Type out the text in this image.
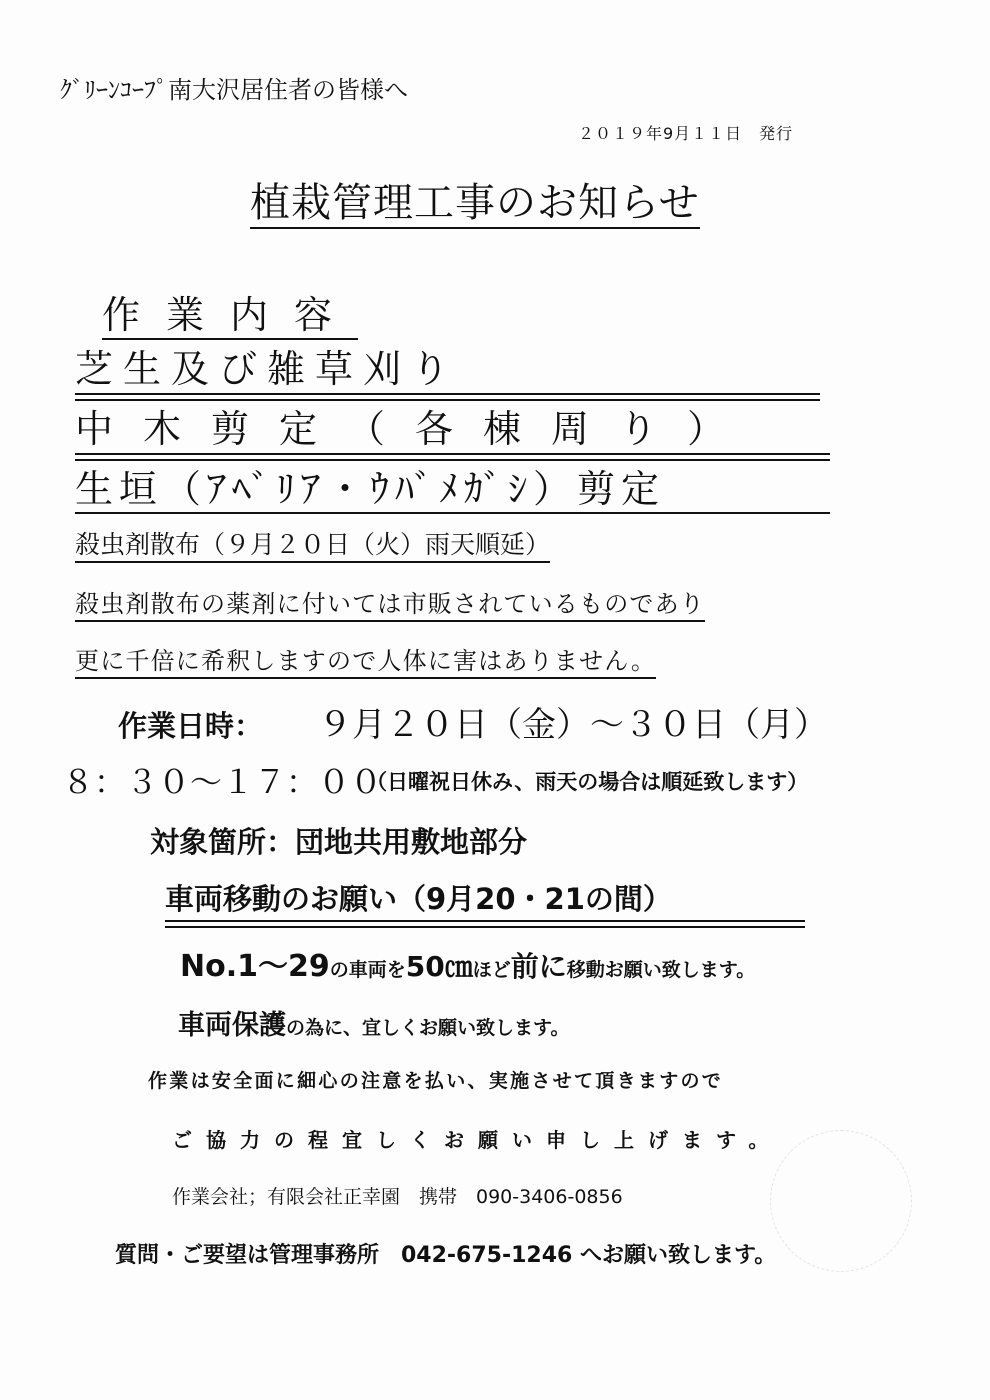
ｸﾞﾘｰﾝｺｰﾌﾟ南大沢居住者の皆様へ
２０１９年9月１１日　発行
植栽管理工事のお知らせ
作業内容
芝生及び雑草刈り
中木剪定（各棟周り）
生垣（ｱﾍﾞﾘｱ・ｳﾊﾞﾒｶﾞｼ）剪定
殺虫剤散布（９月２０日（火）雨天順延）
殺虫剤散布の薬剤に付いては市販されているものであり
更に千倍に希釈しますので人体に害はありません。
作業日時： ９月２０日（金）～３０日（月）
８：３０～１７：００
（日曜祝日休み、雨天の場合は順延致します）
対象箇所：団地共用敷地部分
車両移動のお願い（9月20・21の間）
No.1～29の車両を50㎝ほど前に移動お願い致します。
車両保護の為に、宜しくお願い致します。
作業は安全面に細心の注意を払い、実施させて頂きますので
ご協力の程宜しくお願い申し上げます。
作業会社；有限会社正幸園　携帯　090-3406-0856
質問・ご要望は管理事務所　042-675-1246 へお願い致します。
